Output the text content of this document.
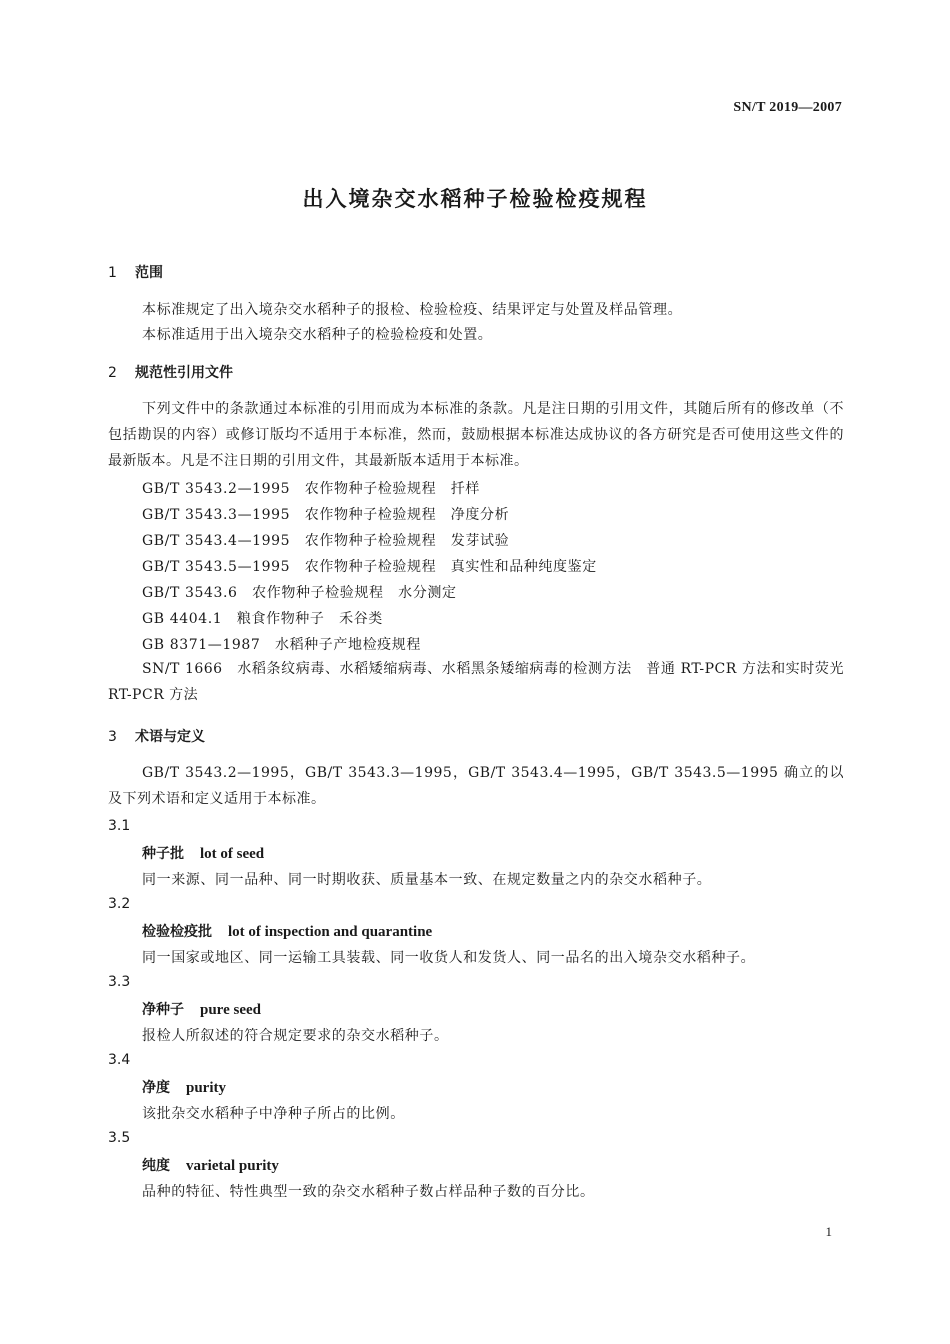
SN/T 2019—2007
出入境杂交水稻种子检验检疫规程
1 范围
本标准规定了出入境杂交水稻种子的报检、检验检疫、结果评定与处置及样品管理。
本标准适用于出入境杂交水稻种子的检验检疫和处置。
2 规范性引用文件
下列文件中的条款通过本标准的引用而成为本标准的条款。凡是注日期的引用文件，其随后所有的修改单（不包括勘误的内容）或修订版均不适用于本标准，然而，鼓励根据本标准达成协议的各方研究是否可使用这些文件的最新版本。凡是不注日期的引用文件，其最新版本适用于本标准。
GB/T 3543.2—1995　农作物种子检验规程　扦样
GB/T 3543.3—1995　农作物种子检验规程　净度分析
GB/T 3543.4—1995　农作物种子检验规程　发芽试验
GB/T 3543.5—1995　农作物种子检验规程　真实性和品种纯度鉴定
GB/T 3543.6　农作物种子检验规程　水分测定
GB 4404.1　粮食作物种子　禾谷类
GB 8371—1987　水稻种子产地检疫规程
SN/T 1666　水稻条纹病毒、水稻矮缩病毒、水稻黑条矮缩病毒的检测方法　普通 RT-PCR 方法和实时荧光 RT-PCR 方法
3 术语与定义
GB/T 3543.2—1995，GB/T 3543.3—1995，GB/T 3543.4—1995，GB/T 3543.5—1995 确立的以及下列术语和定义适用于本标准。
3.1
种子批 lot of seed
同一来源、同一品种、同一时期收获、质量基本一致、在规定数量之内的杂交水稻种子。
3.2
检验检疫批 lot of inspection and quarantine
同一国家或地区、同一运输工具装载、同一收货人和发货人、同一品名的出入境杂交水稻种子。
3.3
净种子 pure seed
报检人所叙述的符合规定要求的杂交水稻种子。
3.4
净度 purity
该批杂交水稻种子中净种子所占的比例。
3.5
纯度 varietal purity
品种的特征、特性典型一致的杂交水稻种子数占样品种子数的百分比。
1
